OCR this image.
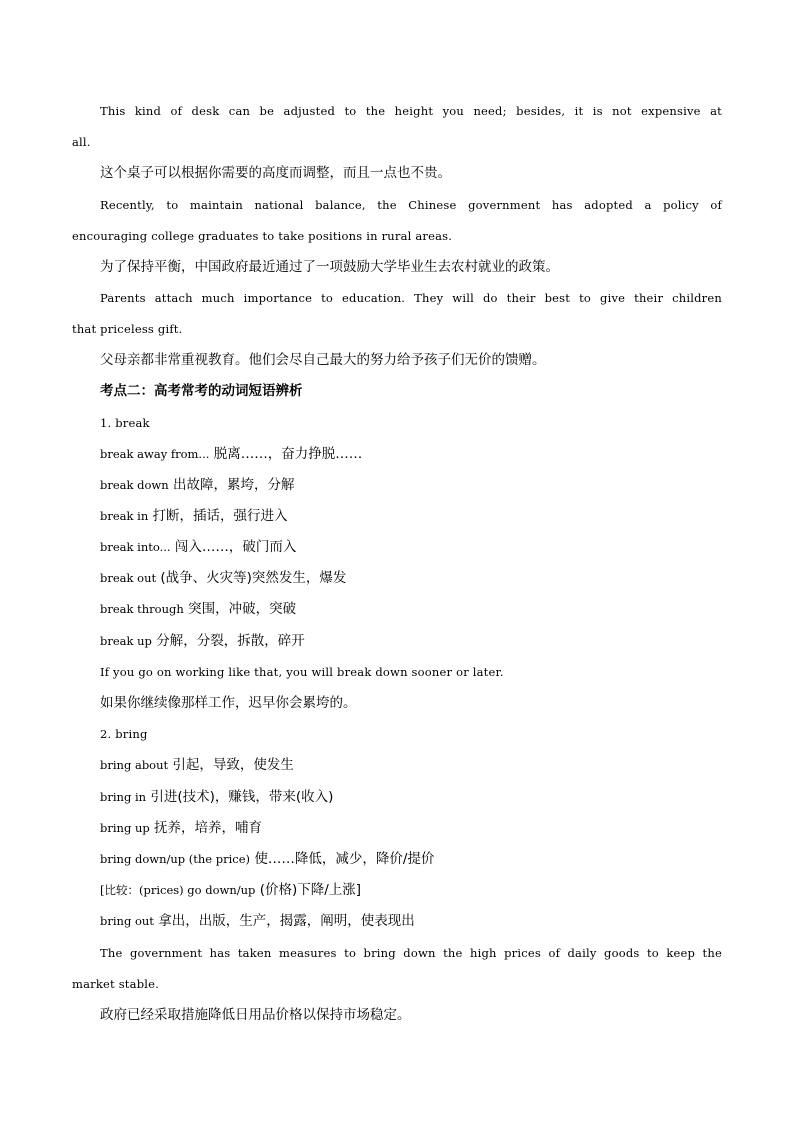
This kind of desk can be adjusted to the height you need; besides, it is not expensive at
all.
这个桌子可以根据你需要的高度而调整，而且一点也不贵。
Recently, to maintain national balance, the Chinese government has adopted a policy of
encouraging college graduates to take positions in rural areas.
为了保持平衡，中国政府最近通过了一项鼓励大学毕业生去农村就业的政策。
Parents attach much importance to education. They will do their best to give their children
that priceless gift.
父母亲都非常重视教育。他们会尽自己最大的努力给予孩子们无价的馈赠。
考点二：高考常考的动词短语辨析
1. break
break away from... 脱离……，奋力挣脱……
break down 出故障，累垮，分解
break in 打断，插话，强行进入
break into... 闯入……，破门而入
break out (战争、火灾等)突然发生，爆发
break through 突围，冲破，突破
break up 分解，分裂，拆散，碎开
If you go on working like that, you will break down sooner or later.
如果你继续像那样工作，迟早你会累垮的。
2. bring
bring about 引起，导致，使发生
bring in 引进(技术)，赚钱，带来(收入)
bring up 抚养，培养，哺育
bring down/up (the price) 使……降低，减少，降价/提价
[比较：(prices) go down/up (价格)下降/上涨]
bring out 拿出，出版，生产，揭露，阐明，使表现出
The government has taken measures to bring down the high prices of daily goods to keep the
market stable.
政府已经采取措施降低日用品价格以保持市场稳定。
